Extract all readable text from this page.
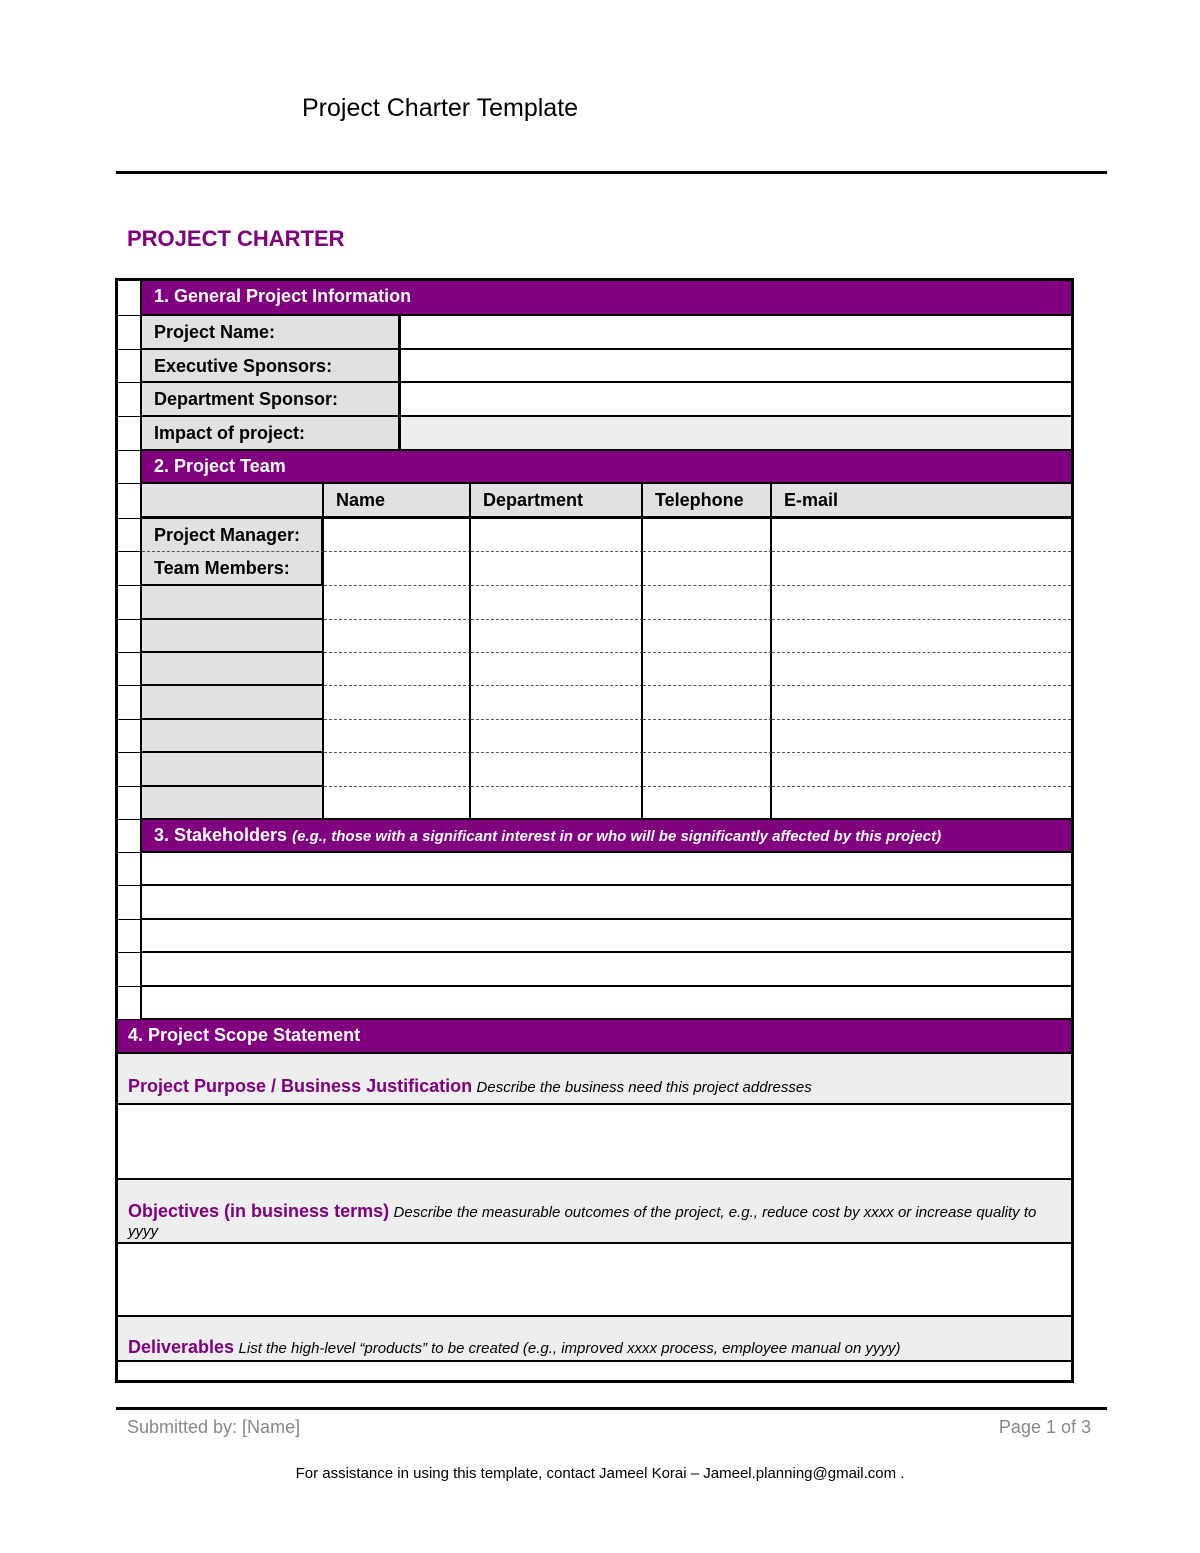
Project Charter Template
PROJECT CHARTER
1. General Project Information
Project Name:
Executive Sponsors:
Department Sponsor:
Impact of project:
2. Project Team
Name	Department	Telephone	E-mail
Project Manager:
Team Members:
3. Stakeholders (e.g., those with a significant interest in or who will be significantly affected by this project)
4. Project Scope Statement
Project Purpose / Business Justification Describe the business need this project addresses
Objectives (in business terms) Describe the measurable outcomes of the project, e.g., reduce cost by xxxx or increase quality to yyyy
Deliverables List the high-level “products” to be created (e.g., improved xxxx process, employee manual on yyyy)
Submitted by: [Name]	Page 1 of 3
For assistance in using this template, contact Jameel Korai – Jameel.planning@gmail.com .
